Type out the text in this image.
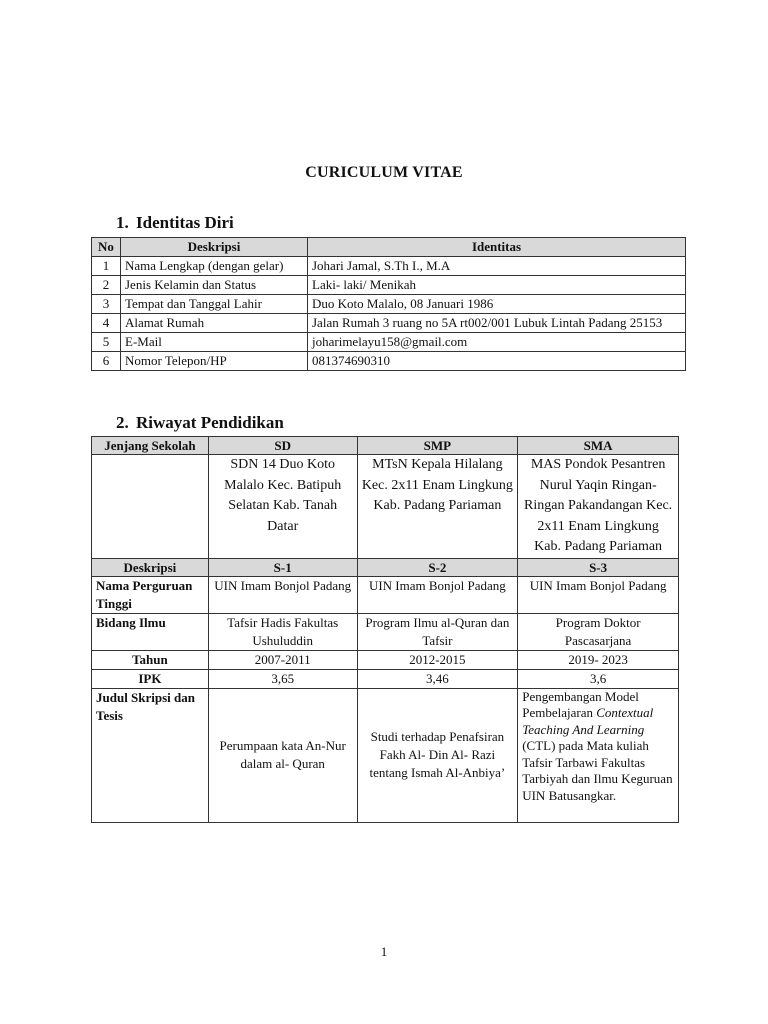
CURICULUM VITAE
1. Identitas Diri
No	Deskripsi	Identitas
1	Nama Lengkap (dengan gelar)	Johari Jamal, S.Th I., M.A
2	Jenis Kelamin dan Status	Laki- laki/ Menikah
3	Tempat dan Tanggal Lahir	Duo Koto Malalo, 08 Januari 1986
4	Alamat Rumah	Jalan Rumah 3 ruang no 5A rt002/001 Lubuk Lintah Padang 25153
5	E-Mail	joharimelayu158@gmail.com
6	Nomor Telepon/HP	081374690310
2. Riwayat Pendidikan
Jenjang Sekolah	SD	SMP	SMA
	SDN 14 Duo Koto Malalo Kec. Batipuh Selatan Kab. Tanah Datar	MTsN Kepala Hilalang Kec. 2x11 Enam Lingkung Kab. Padang Pariaman	MAS Pondok Pesantren Nurul Yaqin Ringan-Ringan Pakandangan Kec. 2x11 Enam Lingkung Kab. Padang Pariaman
Deskripsi	S-1	S-2	S-3
Nama Perguruan Tinggi	UIN Imam Bonjol Padang	UIN Imam Bonjol Padang	UIN Imam Bonjol Padang
Bidang Ilmu	Tafsir Hadis Fakultas Ushuluddin	Program Ilmu al-Quran dan Tafsir	Program Doktor Pascasarjana
Tahun	2007-2011	2012-2015	2019- 2023
IPK	3,65	3,46	3,6
Judul Skripsi dan Tesis	Perumpaan kata An-Nur dalam al- Quran	Studi terhadap Penafsiran Fakh Al- Din Al- Razi tentang Ismah Al-Anbiya’	Pengembangan Model Pembelajaran Contextual Teaching And Learning (CTL) pada Mata kuliah Tafsir Tarbawi Fakultas Tarbiyah dan Ilmu Keguruan UIN Batusangkar.
1
